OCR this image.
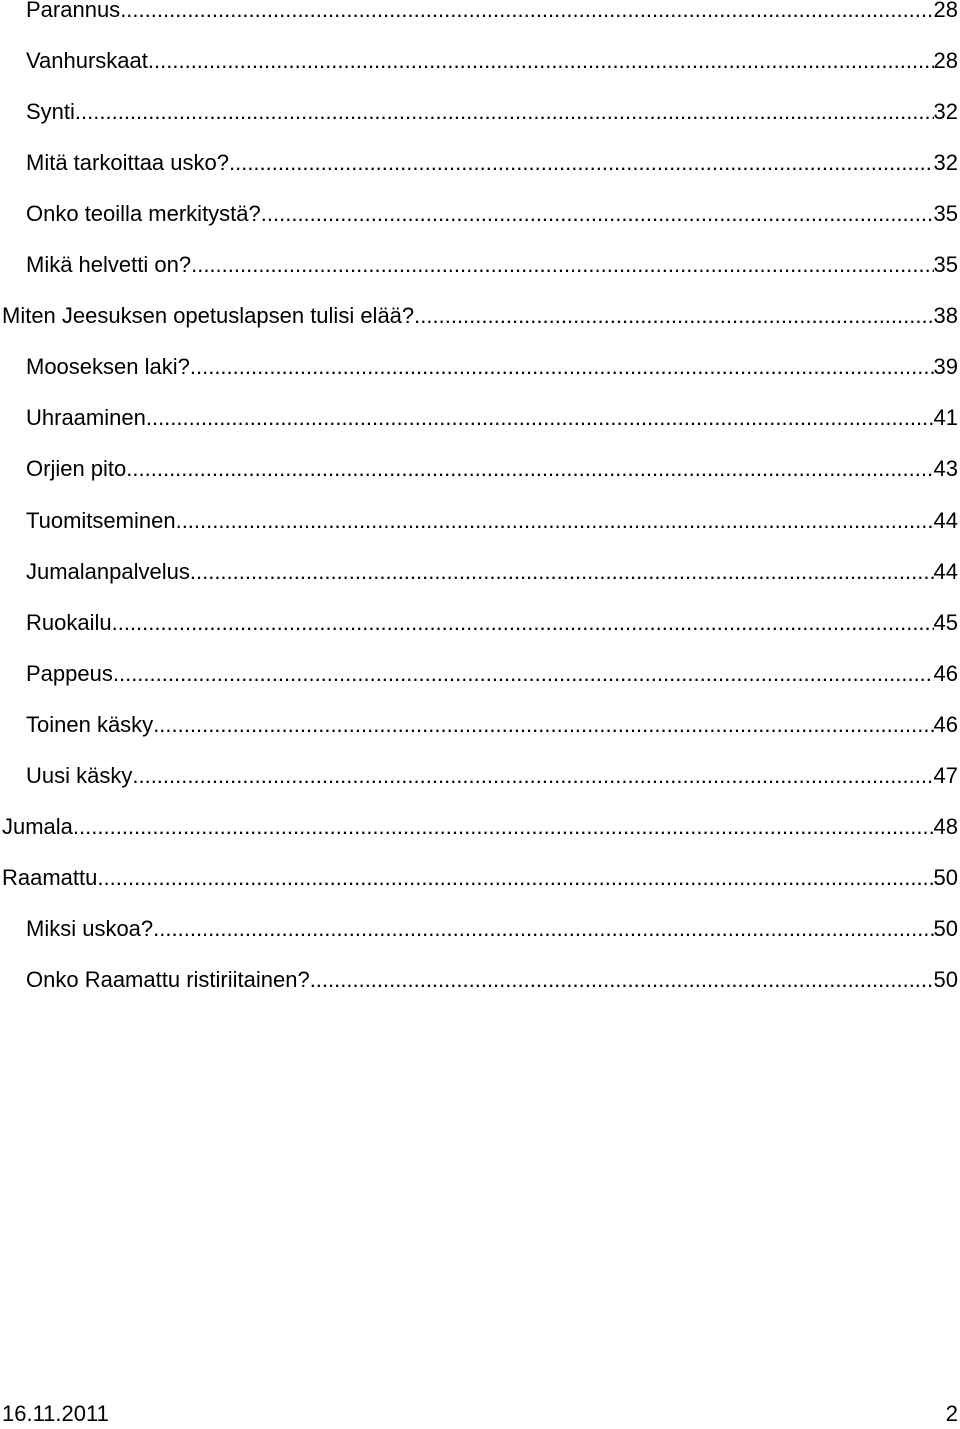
Parannus .....	28
Vanhurskaat .....	28
Synti .....	32
Mitä tarkoittaa usko? .....	32
Onko teoilla merkitystä? .....	35
Mikä helvetti on? .....	35
Miten Jeesuksen opetuslapsen tulisi elää? .....	38
Mooseksen laki? .....	39
Uhraaminen .....	41
Orjien pito .....	43
Tuomitseminen .....	44
Jumalanpalvelus .....	44
Ruokailu .....	45
Pappeus .....	46
Toinen käsky .....	46
Uusi käsky .....	47
Jumala .....	48
Raamattu .....	50
Miksi uskoa? .....	50
Onko Raamattu ristiriitainen? .....	50
16.11.2011	2
